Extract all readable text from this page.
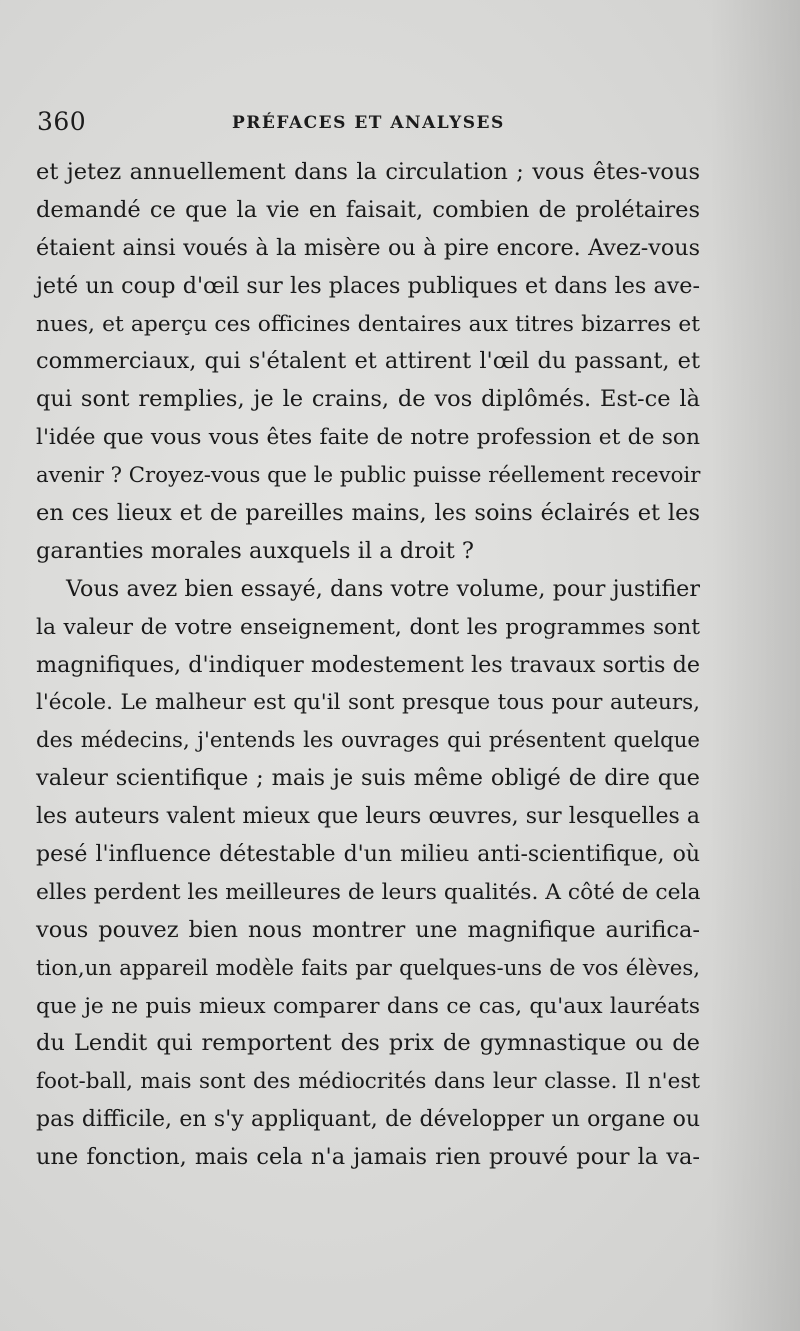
360	PRÉFACES ET ANALYSES
et jetez annuellement dans la circulation ; vous êtes-vous
demandé ce que la vie en faisait, combien de prolétaires
étaient ainsi voués à la misère ou à pire encore. Avez-vous
jeté un coup d'œil sur les places publiques et dans les ave-
nues, et aperçu ces officines dentaires aux titres bizarres et
commerciaux, qui s'étalent et attirent l'œil du passant, et
qui sont remplies, je le crains, de vos diplômés. Est-ce là
l'idée que vous vous êtes faite de notre profession et de son
avenir ? Croyez-vous que le public puisse réellement recevoir
en ces lieux et de pareilles mains, les soins éclairés et les
garanties morales auxquels il a droit ?
Vous avez bien essayé, dans votre volume, pour justifier
la valeur de votre enseignement, dont les programmes sont
magnifiques, d'indiquer modestement les travaux sortis de
l'école. Le malheur est qu'il sont presque tous pour auteurs,
des médecins, j'entends les ouvrages qui présentent quelque
valeur scientifique ; mais je suis même obligé de dire que
les auteurs valent mieux que leurs œuvres, sur lesquelles a
pesé l'influence détestable d'un milieu anti-scientifique, où
elles perdent les meilleures de leurs qualités. A côté de cela
vous pouvez bien nous montrer une magnifique aurifica-
tion,un appareil modèle faits par quelques-uns de vos élèves,
que je ne puis mieux comparer dans ce cas, qu'aux lauréats
du Lendit qui remportent des prix de gymnastique ou de
foot-ball, mais sont des médiocrités dans leur classe. Il n'est
pas difficile, en s'y appliquant, de développer un organe ou
une fonction, mais cela n'a jamais rien prouvé pour la va-
